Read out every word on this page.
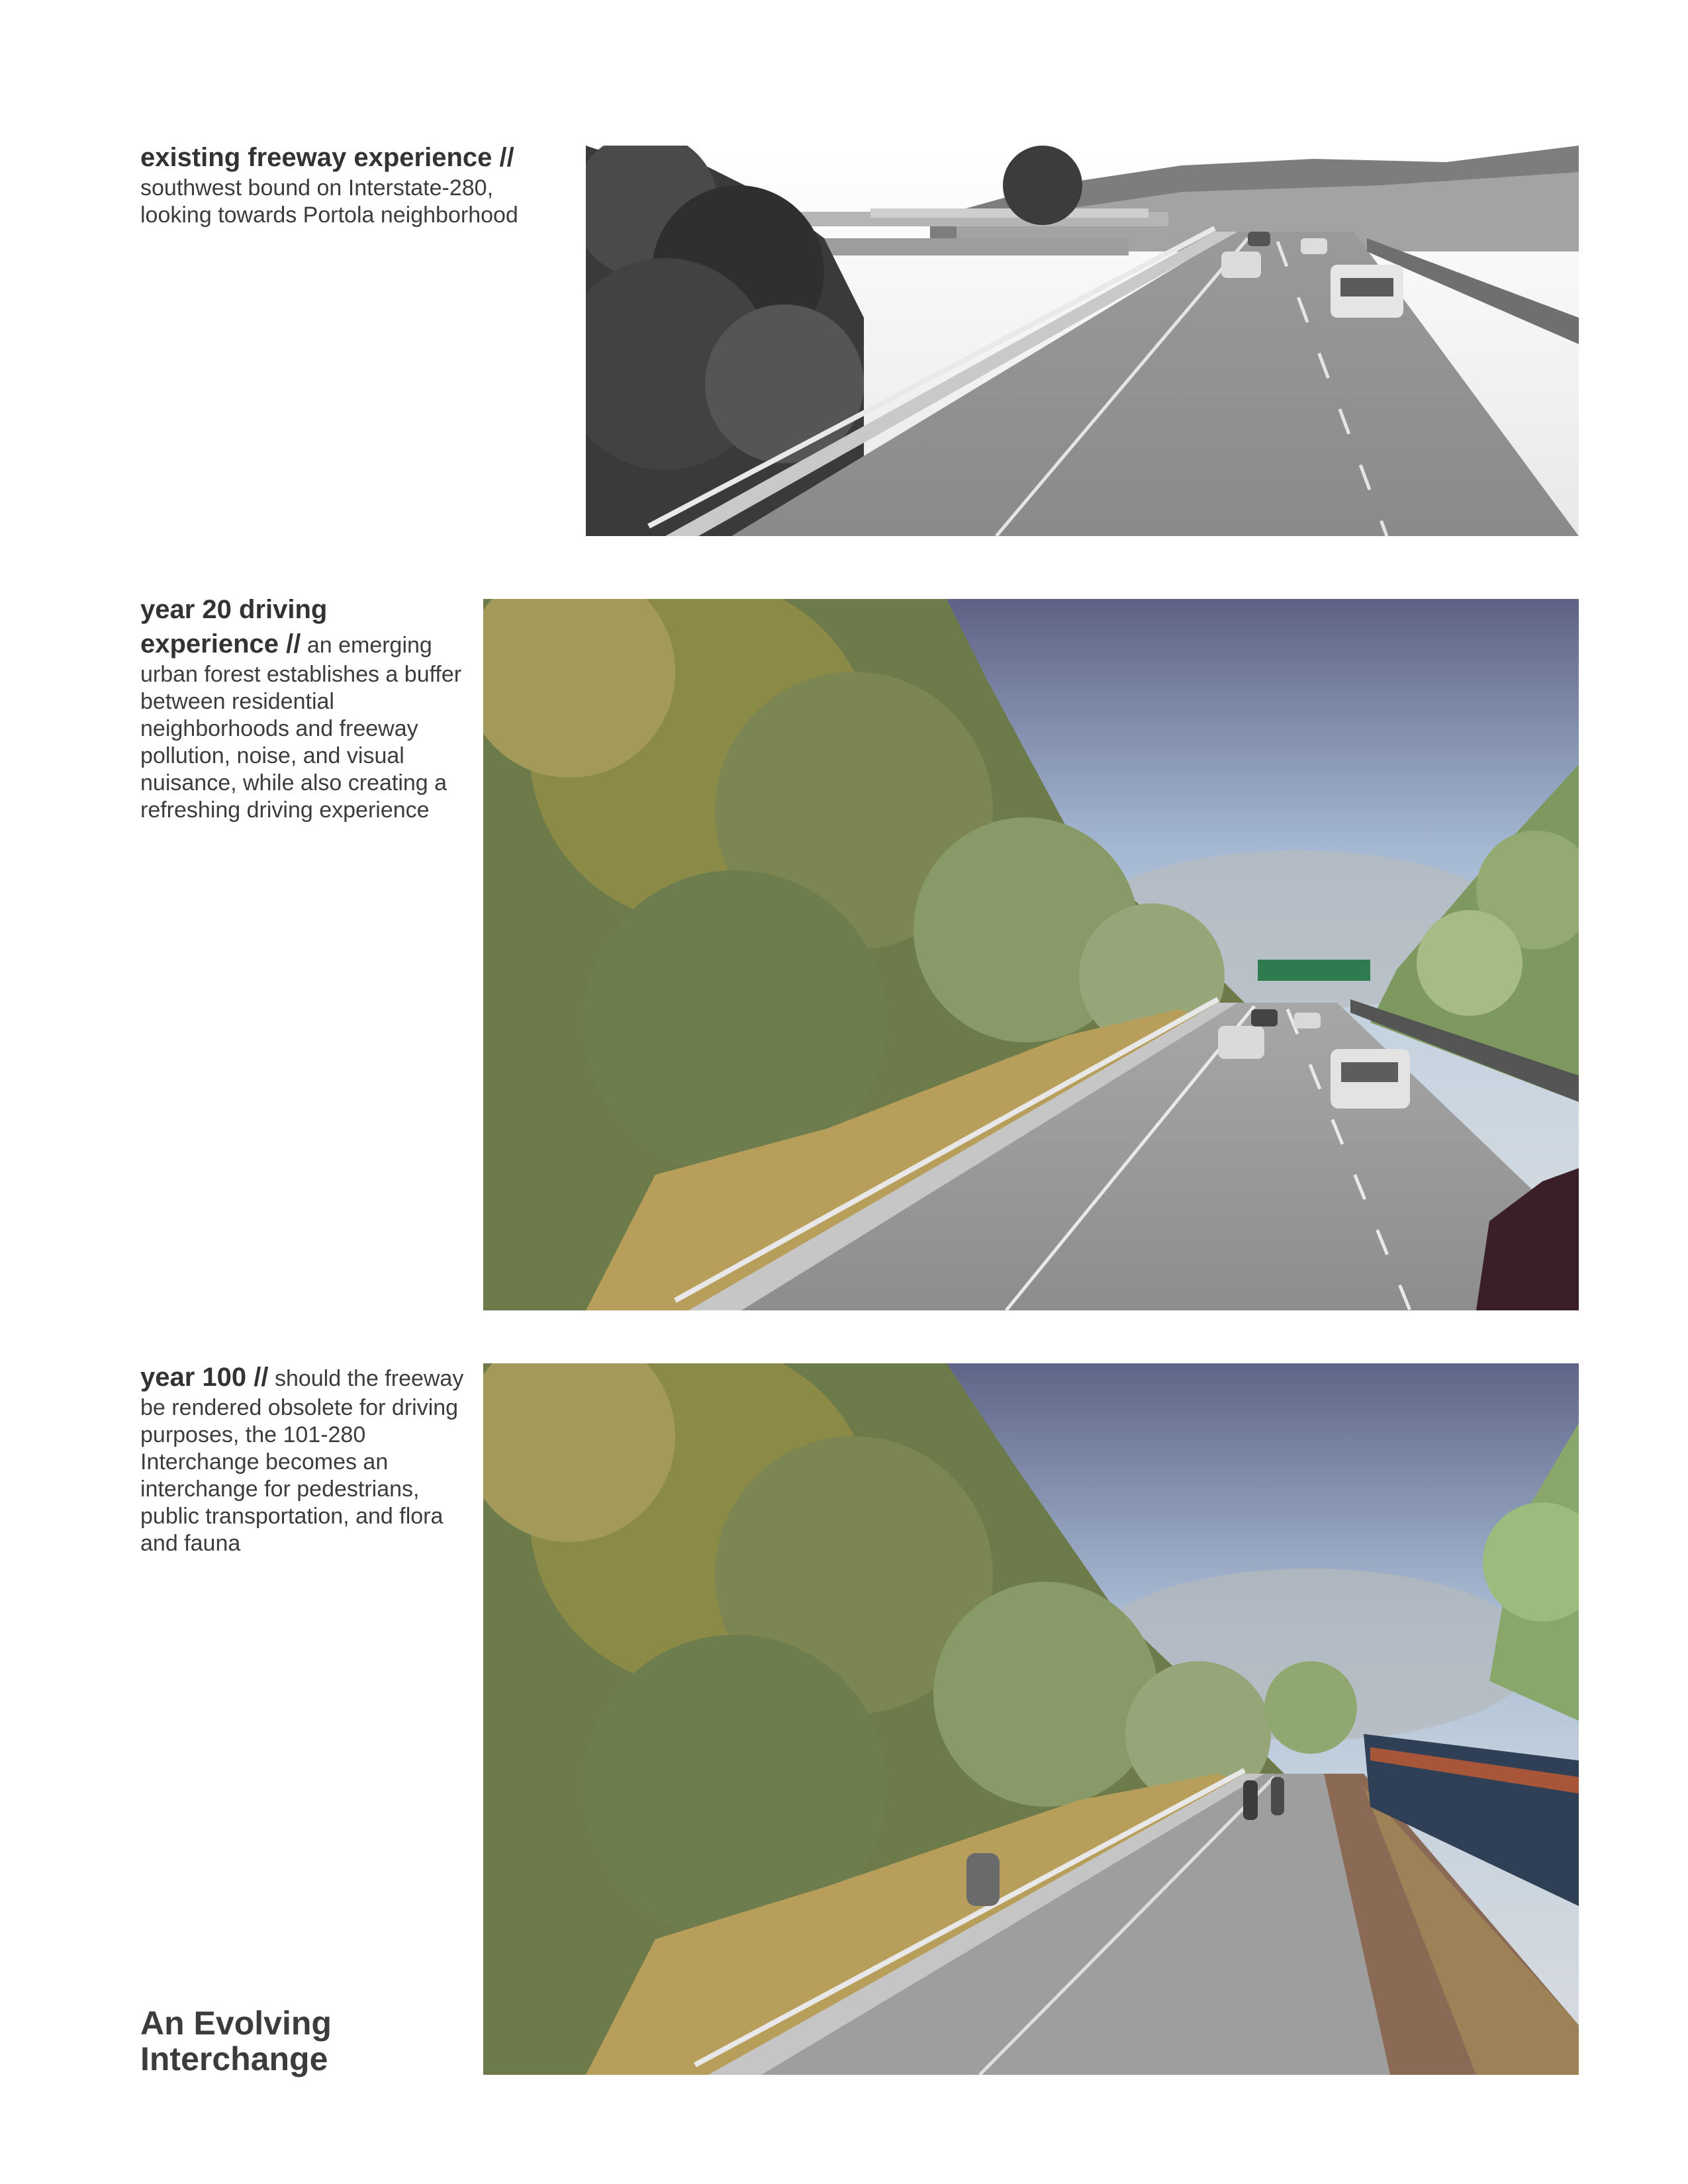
existing freeway experience //
southwest bound on Interstate-280, looking towards Portola neighborhood
year 20 driving experience // an emerging urban forest establishes a buffer between residential neighborhoods and freeway pollution, noise, and visual nuisance, while also creating a refreshing driving experience
year 100 // should the freeway be rendered obsolete for driving purposes, the 101-280 Interchange becomes an interchange for pedestrians, public transportation, and flora and fauna
An Evolving Interchange
